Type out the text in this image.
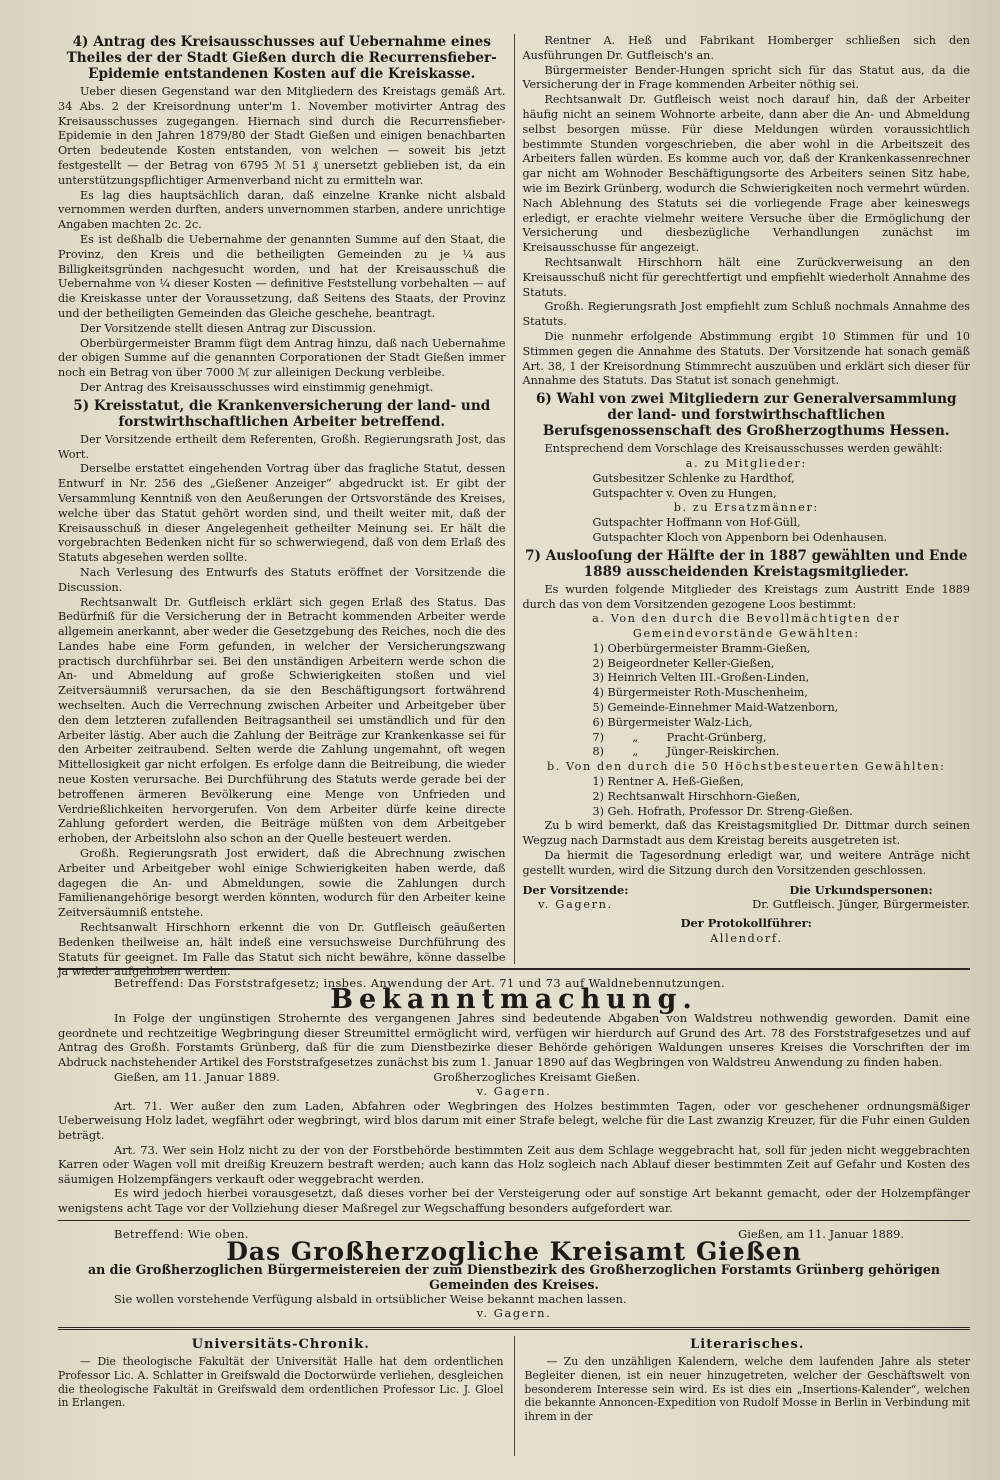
4) Antrag des Kreisausschusses auf Uebernahme eines Theiles der der Stadt Gießen durch die Recurrensfieber-Epidemie entstandenen Kosten auf die Kreiskasse.

Ueber diesen Gegenstand war den Mitgliedern des Kreistags gemäß Art. 34 Abs. 2 der Kreisordnung unter'm 1. November motivirter Antrag des Kreisausschusses zugegangen. Hiernach sind durch die Recurrensfieber-Epidemie in den Jahren 1879/80 der Stadt Gießen und einigen benachbarten Orten bedeutende Kosten entstanden, von welchen — soweit bis jetzt festgestellt — der Betrag von 6795 ℳ 51 ₰ unersetzt geblieben ist, da ein unterstützungspflichtiger Armenverband nicht zu ermitteln war.

Es lag dies hauptsächlich daran, daß einzelne Kranke nicht alsbald vernommen werden durften, anders unvernommen starben, andere unrichtige Angaben machten 2c. 2c.

Es ist deßhalb die Uebernahme der genannten Summe auf den Staat, die Provinz, den Kreis und die betheiligten Gemeinden zu je ¼ aus Billigkeitsgründen nachgesucht worden, und hat der Kreisausschuß die Uebernahme von ¼ dieser Kosten — definitive Feststellung vorbehalten — auf die Kreiskasse unter der Voraussetzung, daß Seitens des Staats, der Provinz und der betheiligten Gemeinden das Gleiche geschehe, beantragt.

Der Vorsitzende stellt diesen Antrag zur Discussion.

Oberbürgermeister Bramm fügt dem Antrag hinzu, daß nach Uebernahme der obigen Summe auf die genannten Corporationen der Stadt Gießen immer noch ein Betrag von über 7000 ℳ zur alleinigen Deckung verbleibe.

Der Antrag des Kreisausschusses wird einstimmig genehmigt.

5) Kreisstatut, die Krankenversicherung der land- und forstwirthschaftlichen Arbeiter betreffend.

Der Vorsitzende ertheilt dem Referenten, Großh. Regierungsrath Jost, das Wort.

Derselbe erstattet eingehenden Vortrag über das fragliche Statut, dessen Entwurf in Nr. 256 des „Gießener Anzeiger“ abgedruckt ist. Er gibt der Versammlung Kenntniß von den Aeußerungen der Ortsvorstände des Kreises, welche über das Statut gehört worden sind, und theilt weiter mit, daß der Kreisausschuß in dieser Angelegenheit getheilter Meinung sei. Er hält die vorgebrachten Bedenken nicht für so schwerwiegend, daß von dem Erlaß des Statuts abgesehen werden sollte.

Nach Verlesung des Entwurfs des Statuts eröffnet der Vorsitzende die Discussion.

Rechtsanwalt Dr. Gutfleisch erklärt sich gegen Erlaß des Status. Das Bedürfniß für die Versicherung der in Betracht kommenden Arbeiter werde allgemein anerkannt, aber weder die Gesetzgebung des Reiches, noch die des Landes habe eine Form gefunden, in welcher der Versicherungszwang practisch durchführbar sei. Bei den unständigen Arbeitern werde schon die An- und Abmeldung auf große Schwierigkeiten stoßen und viel Zeitversäumniß verursachen, da sie den Beschäftigungsort fortwährend wechselten. Auch die Verrechnung zwischen Arbeiter und Arbeitgeber über den dem letzteren zufallenden Beitragsantheil sei umständlich und für den Arbeiter lästig. Aber auch die Zahlung der Beiträge zur Krankenkasse sei für den Arbeiter zeitraubend. Selten werde die Zahlung ungemahnt, oft wegen Mittellosigkeit gar nicht erfolgen. Es erfolge dann die Beitreibung, die wieder neue Kosten verursache. Bei Durchführung des Statuts werde gerade bei der betroffenen ärmeren Bevölkerung eine Menge von Unfrieden und Verdrießlichkeiten hervorgerufen. Von dem Arbeiter dürfe keine directe Zahlung gefordert werden, die Beiträge müßten von dem Arbeitgeber erhoben, der Arbeitslohn also schon an der Quelle besteuert werden.

Großh. Regierungsrath Jost erwidert, daß die Abrechnung zwischen Arbeiter und Arbeitgeber wohl einige Schwierigkeiten haben werde, daß dagegen die An- und Abmeldungen, sowie die Zahlungen durch Familienangehörige besorgt werden könnten, wodurch für den Arbeiter keine Zeitversäumniß entstehe.

Rechtsanwalt Hirschhorn erkennt die von Dr. Gutfleisch geäußerten Bedenken theilweise an, hält indeß eine versuchsweise Durchführung des Statuts für geeignet. Im Falle das Statut sich nicht bewähre, könne dasselbe ja wieder aufgehoben werden.

Rentner A. Heß und Fabrikant Homberger schließen sich den Ausführungen Dr. Gutfleisch's an.

Bürgermeister Bender-Hungen spricht sich für das Statut aus, da die Versicherung der in Frage kommenden Arbeiter nöthig sei.

Rechtsanwalt Dr. Gutfleisch weist noch darauf hin, daß der Arbeiter häufig nicht an seinem Wohnorte arbeite, dann aber die An- und Abmeldung selbst besorgen müsse. Für diese Meldungen würden voraussichtlich bestimmte Stunden vorgeschrieben, die aber wohl in die Arbeitszeit des Arbeiters fallen würden. Es komme auch vor, daß der Krankenkassenrechner gar nicht am Wohnoder Beschäftigungsorte des Arbeiters seinen Sitz habe, wie im Bezirk Grünberg, wodurch die Schwierigkeiten noch vermehrt würden. Nach Ablehnung des Statuts sei die vorliegende Frage aber keineswegs erledigt, er erachte vielmehr weitere Versuche über die Ermöglichung der Versicherung und diesbezügliche Verhandlungen zunächst im Kreisausschusse für angezeigt.

Rechtsanwalt Hirschhorn hält eine Zurückverweisung an den Kreisausschuß nicht für gerechtfertigt und empfiehlt wiederholt Annahme des Statuts.

Großh. Regierungsrath Jost empfiehlt zum Schluß nochmals Annahme des Statuts.

Die nunmehr erfolgende Abstimmung ergibt 10 Stimmen für und 10 Stimmen gegen die Annahme des Statuts. Der Vorsitzende hat sonach gemäß Art. 38, 1 der Kreisordnung Stimmrecht auszuüben und erklärt sich dieser für Annahme des Statuts. Das Statut ist sonach genehmigt.

6) Wahl von zwei Mitgliedern zur Generalversammlung der land- und forstwirthschaftlichen Berufsgenossenschaft des Großherzogthums Hessen.

Entsprechend dem Vorschlage des Kreisausschusses werden gewählt:

a. zu Mitglieder:

Gutsbesitzer Schlenke zu Hardthof,

Gutspachter v. Oven zu Hungen,

b. zu Ersatzmänner:

Gutspachter Hoffmann von Hof-Güll,

Gutspachter Kloch von Appenborn bei Odenhausen.

7) Auslooſung der Hälfte der in 1887 gewählten und Ende 1889 ausscheidenden Kreistagsmitglieder.

Es wurden folgende Mitglieder des Kreistags zum Austritt Ende 1889 durch das von dem Vorsitzenden gezogene Loos bestimmt:

a. Von den durch die Bevollmächtigten der Gemeindevorstände Gewählten:

1) Oberbürgermeister Bramm-Gießen,

2) Beigeordneter Keller-Gießen,

3) Heinrich Velten III.-Großen-Linden,

4) Bürgermeister Roth-Muschenheim,

5) Gemeinde-Einnehmer Maid-Watzenborn,

6) Bürgermeister Walz-Lich,

7)        „        Pracht-Grünberg,

8)        „        Jünger-Reiskirchen.

b. Von den durch die 50 Höchstbesteuerten Gewählten:

1) Rentner A. Heß-Gießen,

2) Rechtsanwalt Hirschhorn-Gießen,

3) Geh. Hofrath, Professor Dr. Streng-Gießen.

Zu b wird bemerkt, daß das Kreistagsmitglied Dr. Dittmar durch seinen Wegzug nach Darmstadt aus dem Kreistag bereits ausgetreten ist.

Da hiermit die Tagesordnung erledigt war, und weitere Anträge nicht gestellt wurden, wird die Sitzung durch den Vorsitzenden geschlossen.

Der Vorsitzende:
v. Gagern.
Die Urkundspersonen:
Dr. Gutfleisch. Jünger, Bürgermeister.
Der Protokollführer:
Allendorf.

Betreffend: Das Forststrafgesetz; insbes. Anwendung der Art. 71 und 73 auf Waldnebennutzungen.

Bekanntmachung.

In Folge der ungünstigen Strohernte des vergangenen Jahres sind bedeutende Abgaben von Waldstreu nothwendig geworden. Damit eine geordnete und rechtzeitige Wegbringung dieser Streumittel ermöglicht wird, verfügen wir hierdurch auf Grund des Art. 78 des Forststrafgesetzes und auf Antrag des Großh. Forstamts Grünberg, daß für die zum Dienstbezirke dieser Behörde gehörigen Waldungen unseres Kreises die Vorschriften der im Abdruck nachstehender Artikel des Forststrafgesetzes zunächst bis zum 1. Januar 1890 auf das Wegbringen von Waldstreu Anwendung zu finden haben.

Gießen, am 11. Januar 1889.	Großherzogliches Kreisamt Gießen.
v. Gagern.

Art. 71. Wer außer den zum Laden, Abfahren oder Wegbringen des Holzes bestimmten Tagen, oder vor geschehener ordnungsmäßiger Ueberweisung Holz ladet, wegfährt oder wegbringt, wird blos darum mit einer Strafe belegt, welche für die Last zwanzig Kreuzer, für die Fuhr einen Gulden beträgt.

Art. 73. Wer sein Holz nicht zu der von der Forstbehörde bestimmten Zeit aus dem Schlage weggebracht hat, soll für jeden nicht weggebrachten Karren oder Wagen voll mit dreißig Kreuzern bestraft werden; auch kann das Holz sogleich nach Ablauf dieser bestimmten Zeit auf Gefahr und Kosten des säumigen Holzempfängers verkauft oder weggebracht werden.

Es wird jedoch hierbei vorausgesetzt, daß dieses vorher bei der Versteigerung oder auf sonstige Art bekannt gemacht, oder der Holzempfänger wenigstens acht Tage vor der Vollziehung dieser Maßregel zur Wegschaffung besonders aufgefordert war.

Betreffend: Wie oben.	Gießen, am 11. Januar 1889.
Das Großherzogliche Kreisamt Gießen

an die Großherzoglichen Bürgermeistereien der zum Dienstbezirk des Großherzoglichen Forstamts Grünberg gehörigen Gemeinden des Kreises.

Sie wollen vorstehende Verfügung alsbald in ortsüblicher Weise bekannt machen lassen.

v. Gagern.
Universitäts-Chronik.

— Die theologische Fakultät der Universität Halle hat dem ordentlichen Professor Lic. A. Schlatter in Greifswald die Doctorwürde verliehen, desgleichen die theologische Fakultät in Greifswald dem ordentlichen Professor Lic. J. Gloel in Erlangen.

Literarisches.

— Zu den unzähligen Kalendern, welche dem laufenden Jahre als steter Begleiter dienen, ist ein neuer hinzugetreten, welcher der Geschäftswelt von besonderem Interesse sein wird. Es ist dies ein „Insertions-Kalender“, welchen die bekannte Annoncen-Expedition von Rudolf Mosse in Berlin in Verbindung mit ihrem in der
